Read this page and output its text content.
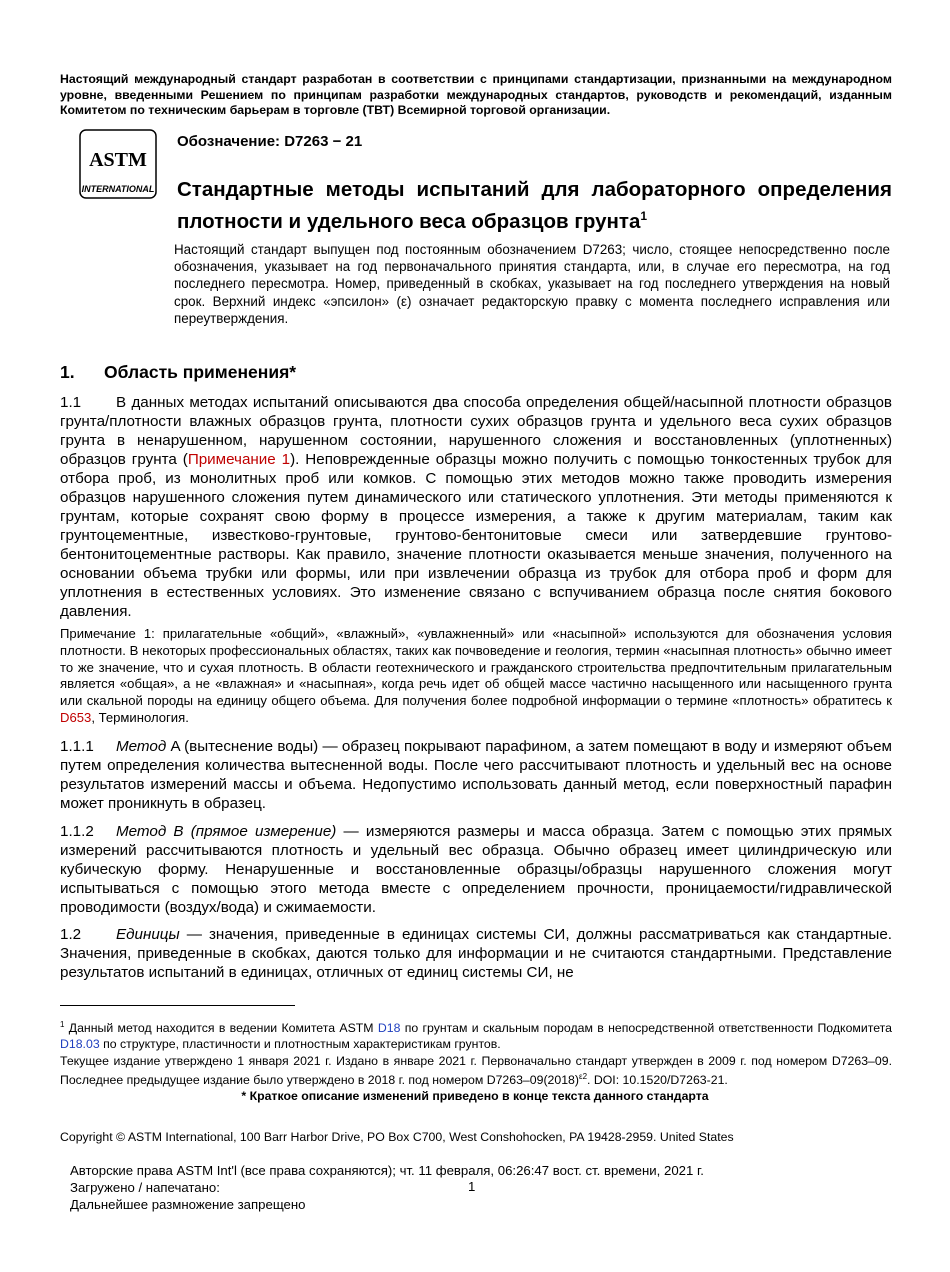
Настоящий международный стандарт разработан в соответствии с принципами стандартизации, признанными на международном уровне, введенными Решением по принципам разработки международных стандартов, руководств и рекомендаций, изданным Комитетом по техническим барьерам в торговле (ТВТ) Всемирной торговой организации.
ASTM
INTERNATIONAL
Обозначение: D7263 − 21
Стандартные методы испытаний для лабораторного определения плотности и удельного веса образцов грунта$^1$
Настоящий стандарт выпущен под постоянным обозначением D7263; число, стоящее непосредственно после обозначения, указывает на год первоначального принятия стандарта, или, в случае его пересмотра, на год последнего пересмотра. Номер, приведенный в скобках, указывает на год последнего утверждения на новый срок. Верхний индекс «эпсилон» (ε) означает редакторскую правку с момента последнего исправления или переутверждения.
1. Область применения*
1.1 В данных методах испытаний описываются два способа определения общей/насыпной плотности образцов грунта/плотности влажных образцов грунта, плотности сухих образцов грунта и удельного веса сухих образцов грунта в ненарушенном, нарушенном состоянии, нарушенного сложения и восстановленных (уплотненных) образцов грунта (Примечание 1). Неповрежденные образцы можно получить с помощью тонкостенных трубок для отбора проб, из монолитных проб или комков. С помощью этих методов можно также проводить измерения образцов нарушенного сложения путем динамического или статического уплотнения. Эти методы применяются к грунтам, которые сохранят свою форму в процессе измерения, а также к другим материалам, таким как грунтоцементные, известково-грунтовые, грунтово-бентонитовые смеси или затвердевшие грунтово-бентонитоцементные растворы. Как правило, значение плотности оказывается меньше значения, полученного на основании объема трубки или формы, или при извлечении образца из трубок для отбора проб и форм для уплотнения в естественных условиях. Это изменение связано с вспучиванием образца после снятия бокового давления.
Примечание 1: прилагательные «общий», «влажный», «увлажненный» или «насыпной» используются для обозначения условия плотности. В некоторых профессиональных областях, таких как почвоведение и геология, термин «насыпная плотность» обычно имеет то же значение, что и сухая плотность. В области геотехнического и гражданского строительства предпочтительным прилагательным является «общая», а не «влажная» и «насыпная», когда речь идет об общей массе частично насыщенного или насыщенного грунта или скальной породы на единицу общего объема. Для получения более подробной информации о термине «плотность» обратитесь к D653, Терминология.
1.1.1 Метод A (вытеснение воды) — образец покрывают парафином, а затем помещают в воду и измеряют объем путем определения количества вытесненной воды. После чего рассчитывают плотность и удельный вес на основе результатов измерений массы и объема. Недопустимо использовать данный метод, если поверхностный парафин может проникнуть в образец.
1.1.2 Метод B (прямое измерение) — измеряются размеры и масса образца. Затем с помощью этих прямых измерений рассчитываются плотность и удельный вес образца. Обычно образец имеет цилиндрическую или кубическую форму. Ненарушенные и восстановленные образцы/образцы нарушенного сложения могут испытываться с помощью этого метода вместе с определением прочности, проницаемости/гидравлической проводимости (воздух/вода) и сжимаемости.
1.2 Единицы — значения, приведенные в единицах системы СИ, должны рассматриваться как стандартные. Значения, приведенные в скобках, даются только для информации и не считаются стандартными. Представление результатов испытаний в единицах, отличных от единиц системы СИ, не
$^1$ Данный метод находится в ведении Комитета ASTM D18 по грунтам и скальным породам в непосредственной ответственности Подкомитета D18.03 по структуре, пластичности и плотностным характеристикам грунтов.
Текущее издание утверждено 1 января 2021 г. Издано в январе 2021 г. Первоначально стандарт утвержден в 2009 г. под номером D7263–09. Последнее предыдущее издание было утверждено в 2018 г. под номером $D7263-09(2018)^{\varepsilon 2}$. DOI: 10.1520/D7263-21.
* Краткое описание изменений приведено в конце текста данного стандарта
Copyright © ASTM International, 100 Barr Harbor Drive, PO Box C700, West Conshohocken, PA 19428-2959. United States
Авторские права ASTM Int'l (все права сохраняются); чт. 11 февраля, 06:26:47 вост. ст. времени, 2021 г.
Загружено / напечатано:
Дальнейшее размножение запрещено
1
